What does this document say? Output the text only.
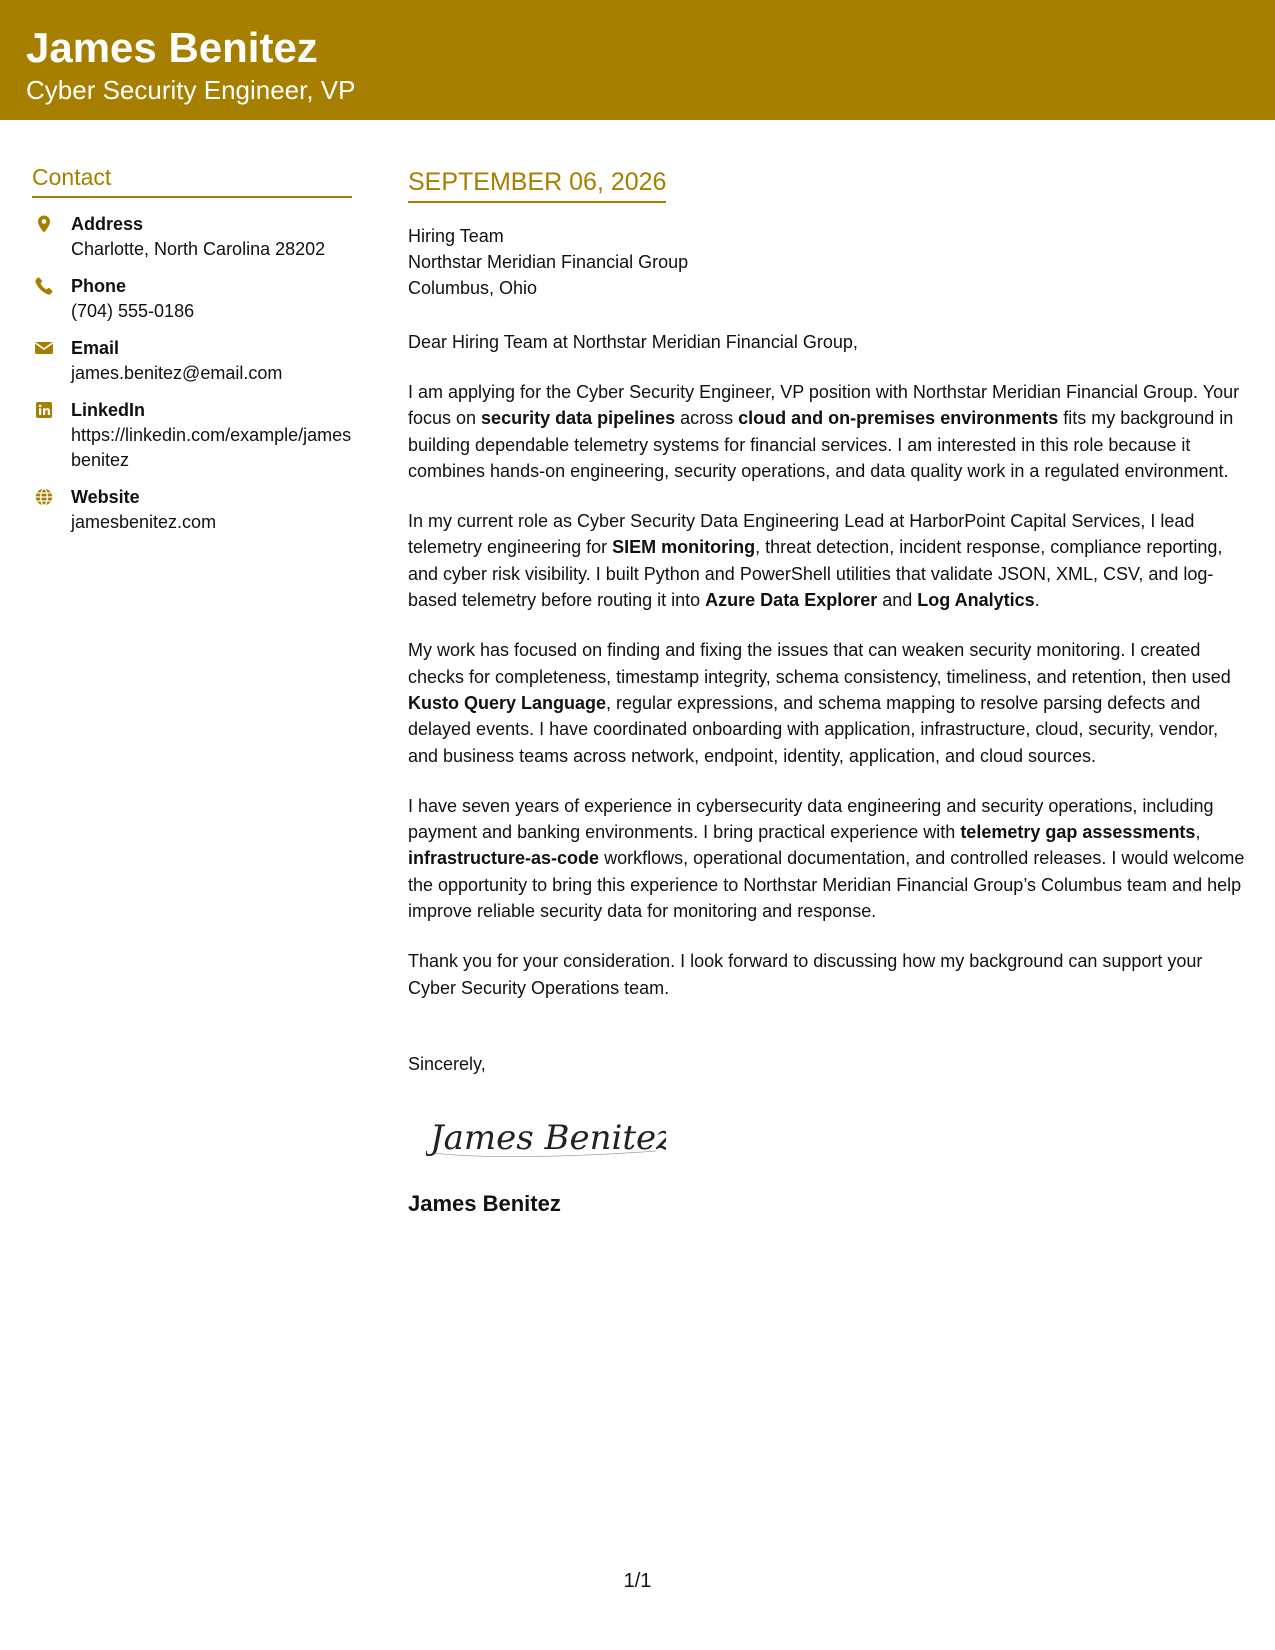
James Benitez
Cyber Security Engineer, VP
Contact
Address
Charlotte, North Carolina 28202
Phone
(704) 555-0186
Email
james.benitez@email.com
LinkedIn
https://linkedin.com/example/jamesbenitez
Website
jamesbenitez.com
SEPTEMBER 06, 2026
Hiring Team
Northstar Meridian Financial Group
Columbus, Ohio
Dear Hiring Team at Northstar Meridian Financial Group,

I am applying for the Cyber Security Engineer, VP position with Northstar Meridian Financial Group. Your focus on security data pipelines across cloud and on-premises environments fits my background in building dependable telemetry systems for financial services. I am interested in this role because it combines hands-on engineering, security operations, and data quality work in a regulated environment.

In my current role as Cyber Security Data Engineering Lead at HarborPoint Capital Services, I lead telemetry engineering for SIEM monitoring, threat detection, incident response, compliance reporting, and cyber risk visibility. I built Python and PowerShell utilities that validate JSON, XML, CSV, and log-based telemetry before routing it into Azure Data Explorer and Log Analytics.

My work has focused on finding and fixing the issues that can weaken security monitoring. I created checks for completeness, timestamp integrity, schema consistency, timeliness, and retention, then used Kusto Query Language, regular expressions, and schema mapping to resolve parsing defects and delayed events. I have coordinated onboarding with application, infrastructure, cloud, security, vendor, and business teams across network, endpoint, identity, application, and cloud sources.

I have seven years of experience in cybersecurity data engineering and security operations, including payment and banking environments. I bring practical experience with telemetry gap assessments, infrastructure-as-code workflows, operational documentation, and controlled releases. I would welcome the opportunity to bring this experience to Northstar Meridian Financial Group’s Columbus team and help improve reliable security data for monitoring and response.

Thank you for your consideration. I look forward to discussing how my background can support your Cyber Security Operations team.

Sincerely,
James Benitez
James Benitez
1/1
